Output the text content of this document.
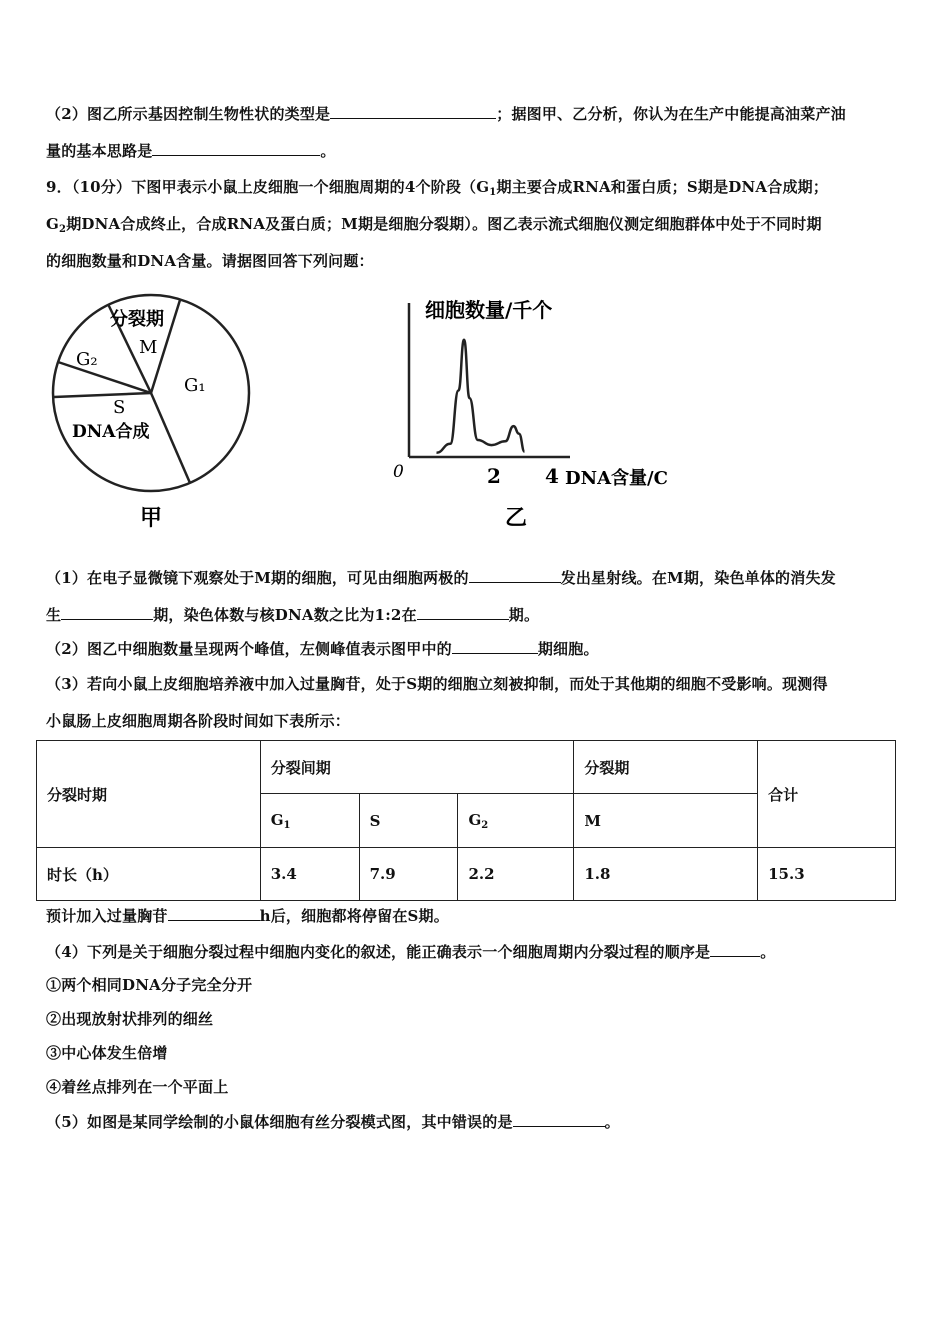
（2）图乙所示基因控制生物性状的类型是	；据图甲、乙分析，你认为在生产中能提高油菜产油
量的基本思路是	。
9．（10分）下图甲表示小鼠上皮细胞一个细胞周期的4个阶段（$G_1$期主要合成RNA和蛋白质；S期是DNA合成期；
$G_2$期DNA合成终止，合成RNA及蛋白质；M期是细胞分裂期）。图乙表示流式细胞仪测定细胞群体中处于不同时期
的细胞数量和DNA含量。请据图回答下列问题：
分裂期
M
G₂
G₁
S
DNA合成
甲
细胞数量/千个
0	2 4 DNA含量/C
乙
（1）在电子显微镜下观察处于M期的细胞，可见由细胞两极的	发出星射线。在M期，染色单体的消失发
生	期，染色体数与核DNA数之比为1:2在	期。
（2）图乙中细胞数量呈现两个峰值，左侧峰值表示图甲中的	期细胞。
（3）若向小鼠上皮细胞培养液中加入过量胸苷，处于S期的细胞立刻被抑制，而处于其他期的细胞不受影响。现测得
小鼠肠上皮细胞周期各阶段时间如下表所示：
分裂时期	分裂间期			分裂期	合计
	$G_1$	S	$G_2$	M	
时长（h）	3.4	7.9	2.2	1.8	15.3
预计加入过量胸苷	h后，细胞都将停留在S期。
（4）下列是关于细胞分裂过程中细胞内变化的叙述，能正确表示一个细胞周期内分裂过程的顺序是	。
①两个相同DNA分子完全分开
②出现放射状排列的细丝
③中心体发生倍增
④着丝点排列在一个平面上
（5）如图是某同学绘制的小鼠体细胞有丝分裂模式图，其中错误的是	。
